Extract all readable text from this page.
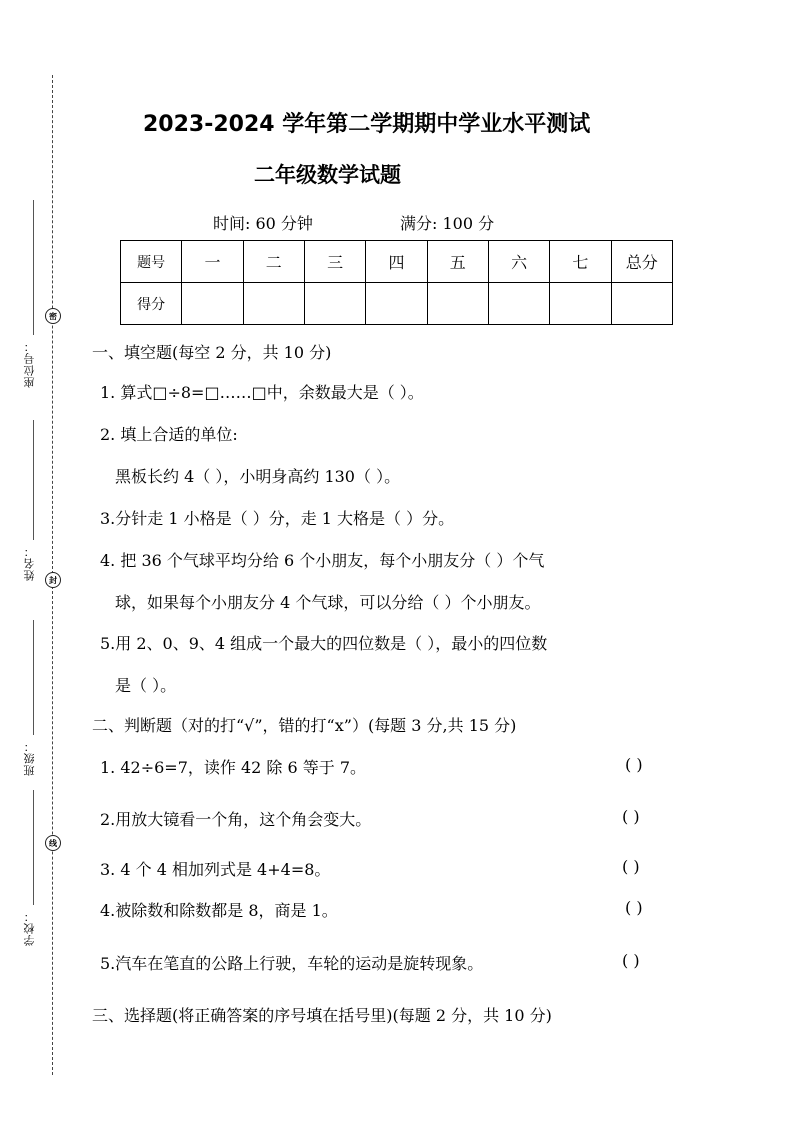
密
封
线
座位号：
姓名：
班级：
学校：
2023-2024 学年第二学期期中学业水平测试
二年级数学试题
时间: 60 分钟	满分: 100 分
题号	一	二	三	四	五	六	七	总分
得分								
一、填空题(每空 2 分，共 10 分)
1. 算式□÷8=□……□中，余数最大是（ ）。
2. 填上合适的单位:
黑板长约 4（ ），小明身高约 130（ ）。
3.分针走 1 小格是（ ）分，走 1 大格是（ ）分。
4. 把 36 个气球平均分给 6 个小朋友，每个小朋友分（ ）个气
球，如果每个小朋友分 4 个气球，可以分给（ ）个小朋友。
5.用 2、0、9、4 组成一个最大的四位数是（ ），最小的四位数
是（ ）。
二、判断题（对的打“√”，错的打“x”）(每题 3 分,共 15 分)
1. 42÷6=7，读作 42 除 6 等于 7。	( )
2.用放大镜看一个角，这个角会变大。	( )
3. 4 个 4 相加列式是 4+4=8。	( )
4.被除数和除数都是 8，商是 1。	( )
5.汽车在笔直的公路上行驶，车轮的运动是旋转现象。	( )
三、选择题(将正确答案的序号填在括号里)(每题 2 分，共 10 分)
